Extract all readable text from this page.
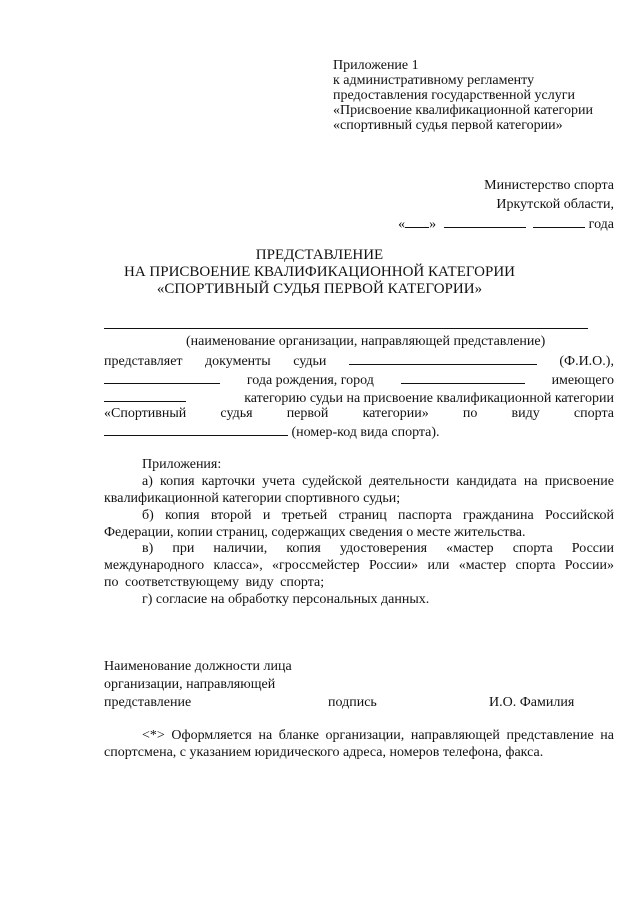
Приложение 1
к административному регламенту
предоставления государственной услуги
«Присвоение квалификационной категории
«спортивный судья первой категории»
Министерство спорта
Иркутской области,
« »	года
ПРЕДСТАВЛЕНИЕ
НА ПРИСВОЕНИЕ КВАЛИФИКАЦИОННОЙ КАТЕГОРИИ
«СПОРТИВНЫЙ СУДЬЯ ПЕРВОЙ КАТЕГОРИИ»
(наименование организации, направляющей представление)
представляет документы судьи	(Ф.И.О.),
года рождения, город	имеющего
категорию судьи на присвоение квалификационной категории
«Спортивный судья первой категории» по виду спорта
(номер-код вида спорта).
Приложения:
а) копия карточки учета судейской деятельности кандидата на присвоение квалификационной категории спортивного судьи;
б) копия второй и третьей страниц паспорта гражданина Российской Федерации, копии страниц, содержащих сведения о месте жительства.
в) при наличии, копия удостоверения «мастер спорта России международного класса», «гроссмейстер России» или «мастер спорта России» по соответствующему виду спорта;
г) согласие на обработку персональных данных.
Наименование должности лица
организации, направляющей
представление	подпись	И.О. Фамилия
<*> Оформляется на бланке организации, направляющей представление на спортсмена, с указанием юридического адреса, номеров телефона, факса.
